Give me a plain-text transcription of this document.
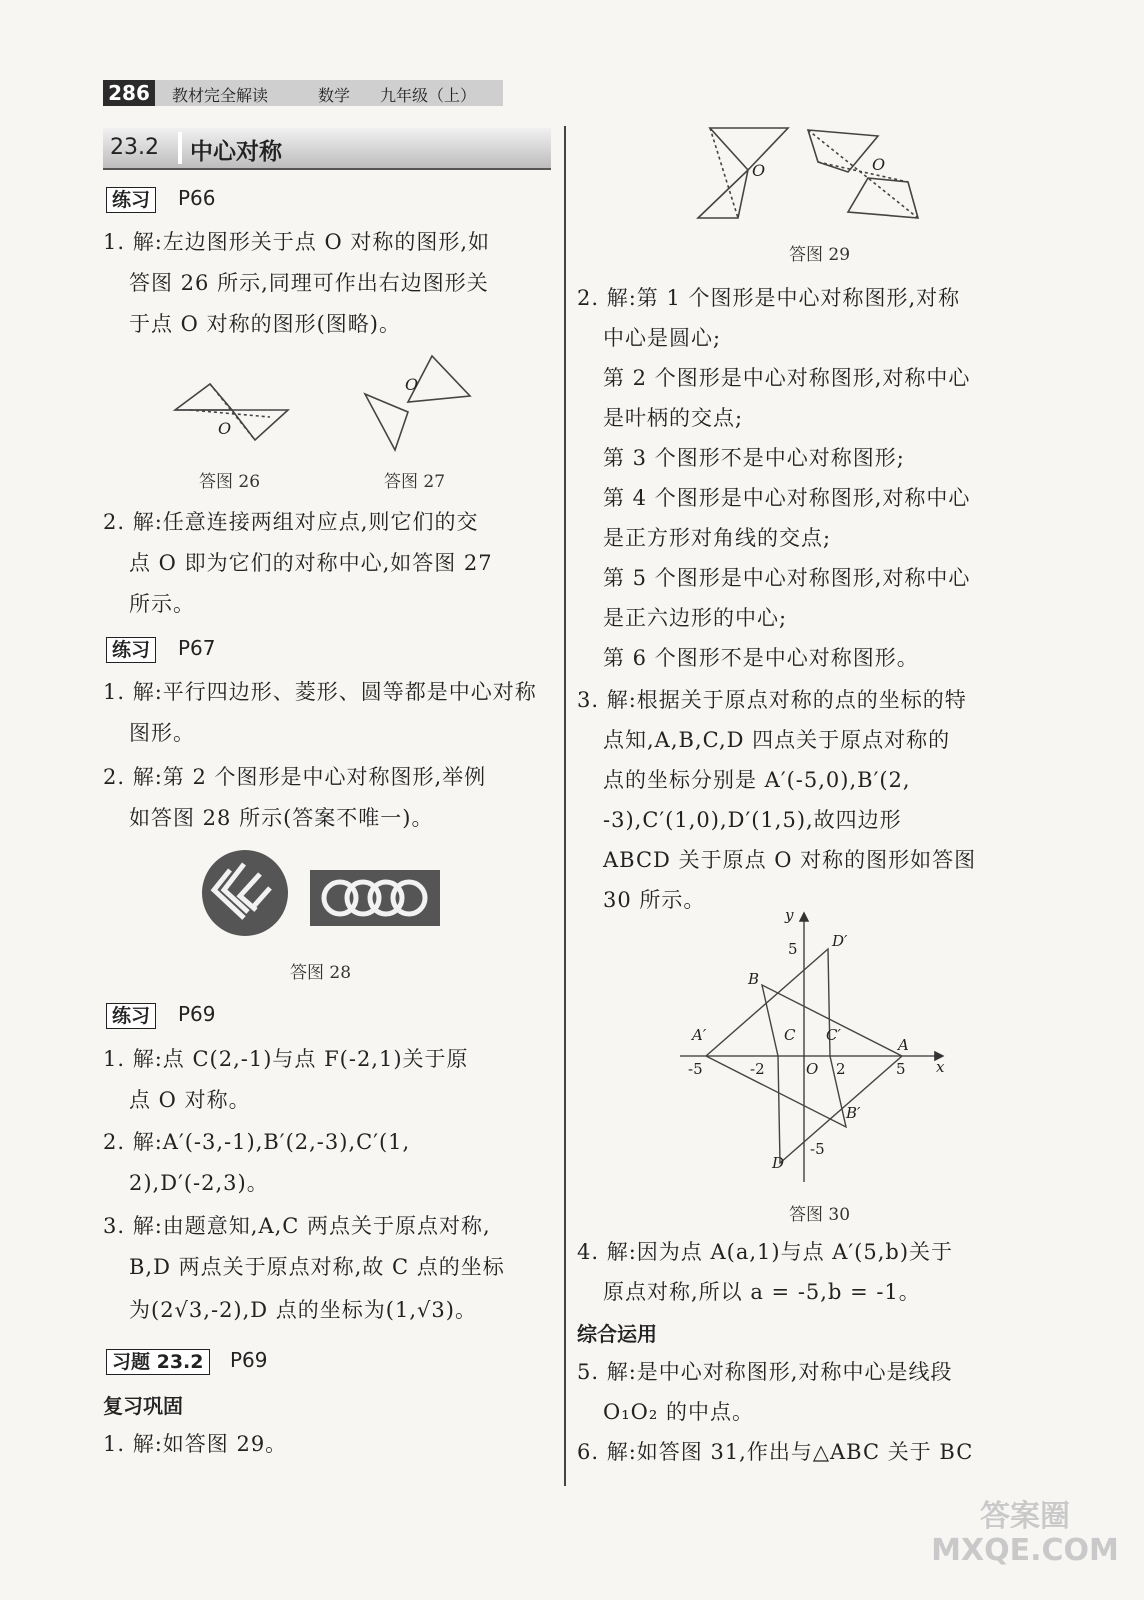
286	教材完全解读	数学 九年级（上）
23.2 中心对称
练习	P66
1. 解:左边图形关于点 O 对称的图形,如
答图 26 所示,同理可作出右边图形关
于点 O 对称的图形(图略)。
O
O
答图 26	答图 27
2. 解:任意连接两组对应点,则它们的交
点 O 即为它们的对称中心,如答图 27
所示。
练习	P67
1. 解:平行四边形、菱形、圆等都是中心对称
图形。
2. 解:第 2 个图形是中心对称图形,举例
如答图 28 所示(答案不唯一)。
答图 28
练习	P69
1. 解:点 C(2,-1)与点 F(-2,1)关于原
点 O 对称。
2. 解:A′(-3,-1),B′(2,-3),C′(1,
2),D′(-2,3)。
3. 解:由题意知,A,C 两点关于原点对称,
B,D 两点关于原点对称,故 C 点的坐标
为(2√3,-2),D 点的坐标为(1,√3)。
习题 23.2	P69
复习巩固
1. 解:如答图 29。
O	O
答图 29
2. 解:第 1 个图形是中心对称图形,对称
中心是圆心;
第 2 个图形是中心对称图形,对称中心
是叶柄的交点;
第 3 个图形不是中心对称图形;
第 4 个图形是中心对称图形,对称中心
是正方形对角线的交点;
第 5 个图形是中心对称图形,对称中心
是正六边形的中心;
第 6 个图形不是中心对称图形。
3. 解:根据关于原点对称的点的坐标的特
点知,A,B,C,D 四点关于原点对称的
点的坐标分别是 A′(-5,0),B′(2,
-3),C′(1,0),D′(1,5),故四边形
ABCD 关于原点 O 对称的图形如答图
30 所示。
x
y
O
-5	-2	2	5
5
-5
A
B
C
D
A′
B′
C′
D′
答图 30
4. 解:因为点 A(a,1)与点 A′(5,b)关于
原点对称,所以 a = -5,b = -1。
综合运用
5. 解:是中心对称图形,对称中心是线段
O₁O₂ 的中点。
6. 解:如答图 31,作出与△ABC 关于 BC
答案圈 MXQE.COM
